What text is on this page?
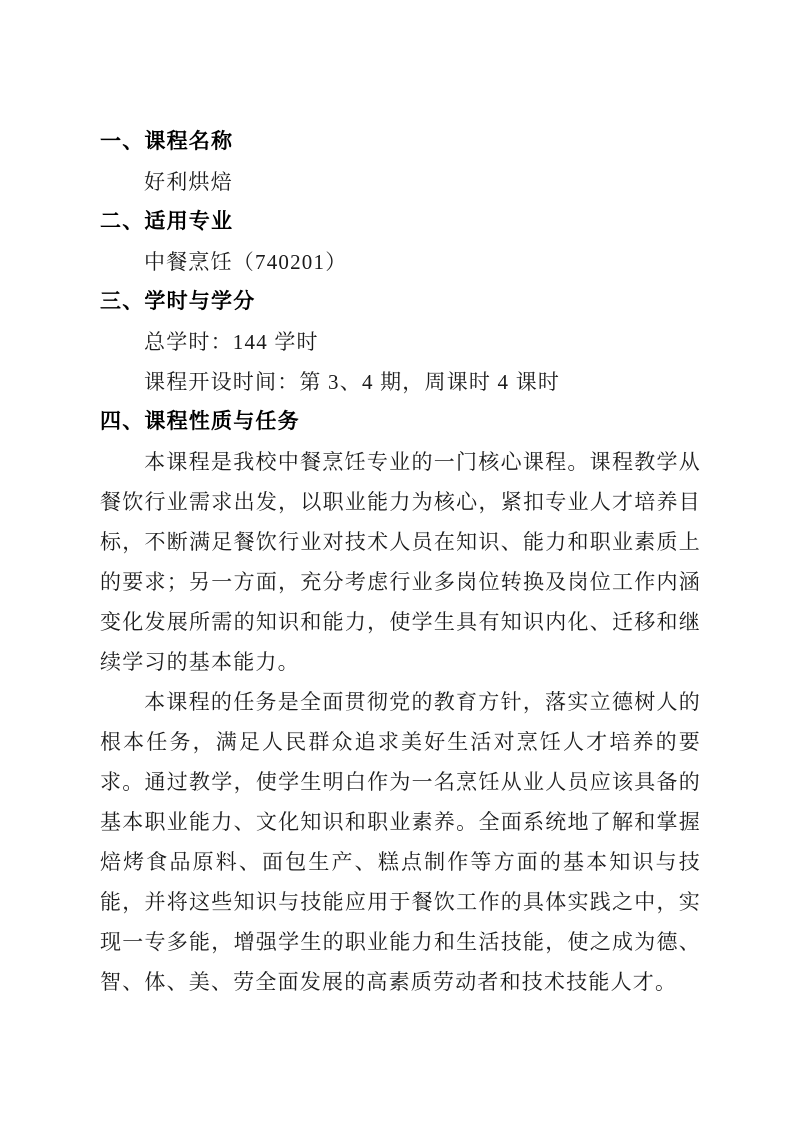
一、课程名称

好利烘焙

二、适用专业

中餐烹饪（740201）

三、学时与学分

总学时：144 学时

课程开设时间：第 3、4 期，周课时 4 课时

四、课程性质与任务

本课程是我校中餐烹饪专业的一门核心课程。课程教学从餐饮行业需求出发，以职业能力为核心，紧扣专业人才培养目标，不断满足餐饮行业对技术人员在知识、能力和职业素质上的要求；另一方面，充分考虑行业多岗位转换及岗位工作内涵变化发展所需的知识和能力，使学生具有知识内化、迁移和继续学习的基本能力。

本课程的任务是全面贯彻党的教育方针，落实立德树人的根本任务，满足人民群众追求美好生活对烹饪人才培养的要求。通过教学，使学生明白作为一名烹饪从业人员应该具备的基本职业能力、文化知识和职业素养。全面系统地了解和掌握焙烤食品原料、面包生产、糕点制作等方面的基本知识与技能，并将这些知识与技能应用于餐饮工作的具体实践之中，实现一专多能，增强学生的职业能力和生活技能，使之成为德、智、体、美、劳全面发展的高素质劳动者和技术技能人才。
